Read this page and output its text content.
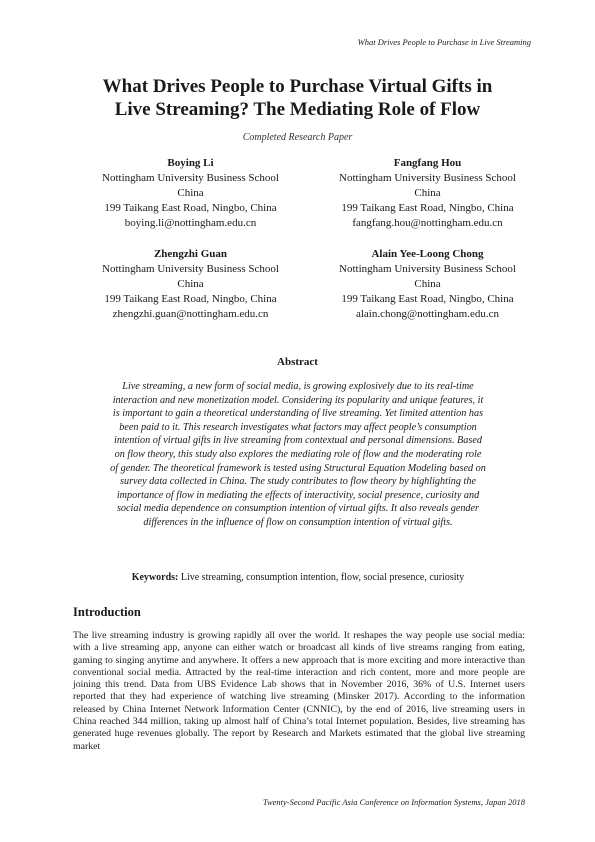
What Drives People to Purchase in Live Streaming
What Drives People to Purchase Virtual Gifts in
Live Streaming? The Mediating Role of Flow
Completed Research Paper
Boying Li
Nottingham University Business School
China
199 Taikang East Road, Ningbo, China
boying.li@nottingham.edu.cn
Fangfang Hou
Nottingham University Business School
China
199 Taikang East Road, Ningbo, China
fangfang.hou@nottingham.edu.cn
Zhengzhi Guan
Nottingham University Business School
China
199 Taikang East Road, Ningbo, China
zhengzhi.guan@nottingham.edu.cn
Alain Yee-Loong Chong
Nottingham University Business School
China
199 Taikang East Road, Ningbo, China
alain.chong@nottingham.edu.cn
Abstract
Live streaming, a new form of social media, is growing explosively due to its real-time interaction and new monetization model. Considering its popularity and unique features, it is important to gain a theoretical understanding of live streaming. Yet limited attention has been paid to it. This research investigates what factors may affect people’s consumption intention of virtual gifts in live streaming from contextual and personal dimensions. Based on flow theory, this study also explores the mediating role of flow and the moderating role of gender. The theoretical framework is tested using Structural Equation Modeling based on survey data collected in China. The study contributes to flow theory by highlighting the importance of flow in mediating the effects of interactivity, social presence, curiosity and social media dependence on consumption intention of virtual gifts. It also reveals gender differences in the influence of flow on consumption intention of virtual gifts.
Keywords: Live streaming, consumption intention, flow, social presence, curiosity
Introduction
The live streaming industry is growing rapidly all over the world. It reshapes the way people use social media: with a live streaming app, anyone can either watch or broadcast all kinds of live streams ranging from eating, gaming to singing anytime and anywhere. It offers a new approach that is more exciting and more interactive than conventional social media. Attracted by the real-time interaction and rich content, more and more people are joining this trend. Data from UBS Evidence Lab shows that in November 2016, 36% of U.S. Internet users reported that they had experience of watching live streaming (Minsker 2017). According to the information released by China Internet Network Information Center (CNNIC), by the end of 2016, live streaming users in China reached 344 million, taking up almost half of China’s total Internet population. Besides, live streaming has generated huge revenues globally. The report by Research and Markets estimated that the global live streaming market
Twenty-Second Pacific Asia Conference on Information Systems, Japan 2018
